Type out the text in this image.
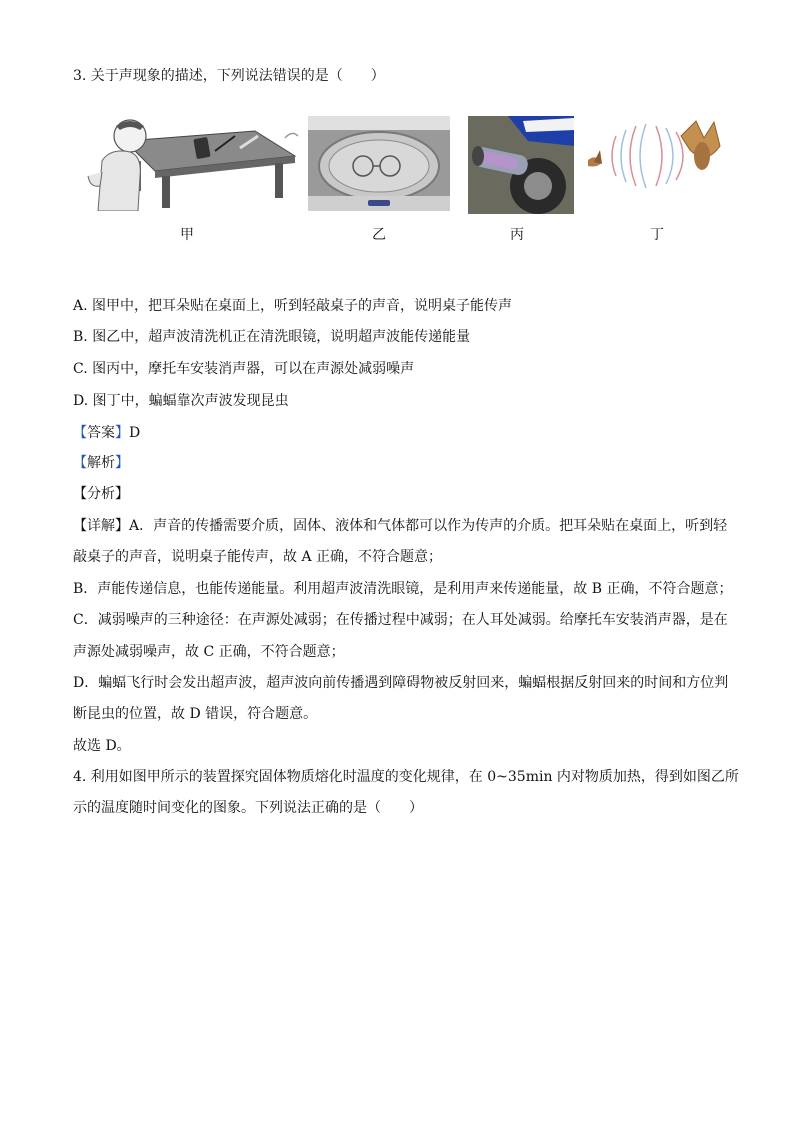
3. 关于声现象的描述，下列说法错误的是（　　）
甲	乙	丙	丁
A. 图甲中，把耳朵贴在桌面上，听到轻敲桌子的声音，说明桌子能传声
B. 图乙中，超声波清洗机正在清洗眼镜，说明超声波能传递能量
C. 图丙中，摩托车安装消声器，可以在声源处减弱噪声
D. 图丁中，蝙蝠靠次声波发现昆虫
【答案】D
【解析】
【分析】
【详解】A．声音的传播需要介质，固体、液体和气体都可以作为传声的介质。把耳朵贴在桌面上，听到轻
敲桌子的声音，说明桌子能传声，故 A 正确，不符合题意；
B．声能传递信息，也能传递能量。利用超声波清洗眼镜，是利用声来传递能量，故 B 正确，不符合题意；
C．减弱噪声的三种途径：在声源处减弱；在传播过程中减弱；在人耳处减弱。给摩托车安装消声器，是在
声源处减弱噪声，故 C 正确，不符合题意；
D．蝙蝠飞行时会发出超声波，超声波向前传播遇到障碍物被反射回来，蝙蝠根据反射回来的时间和方位判
断昆虫的位置，故 D 错误，符合题意。
故选 D。
4. 利用如图甲所示的装置探究固体物质熔化时温度的变化规律，在 0~35min 内对物质加热，得到如图乙所
示的温度随时间变化的图象。下列说法正确的是（　　）
